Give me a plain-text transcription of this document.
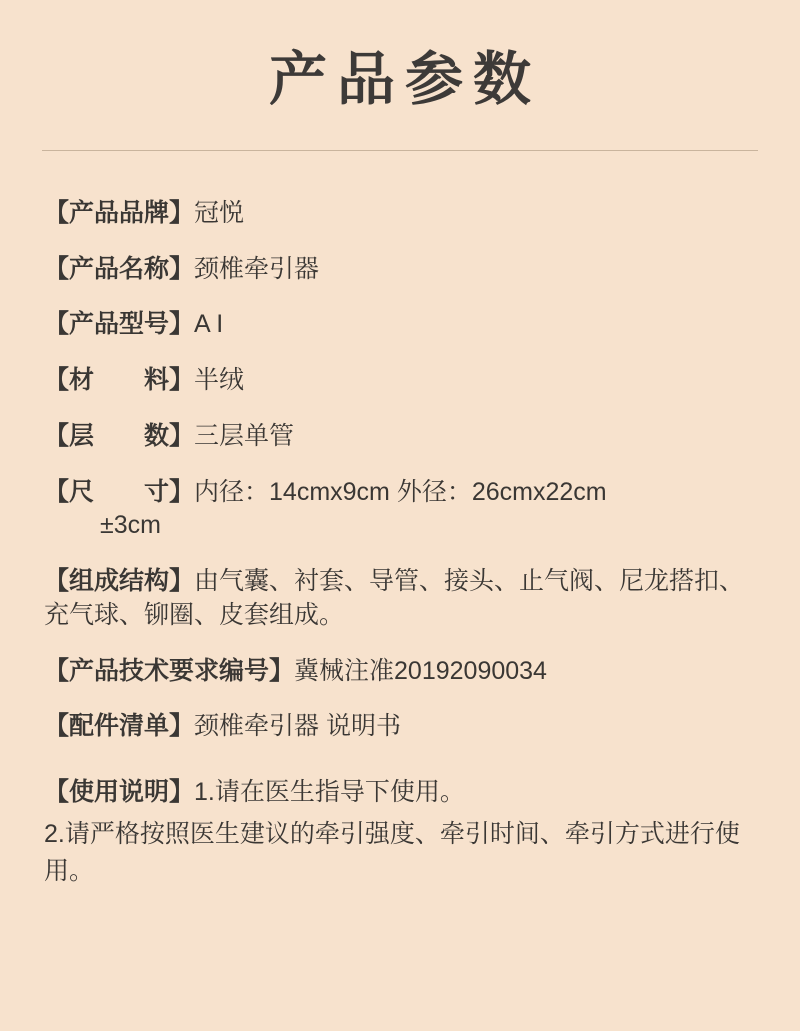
产品参数
【产品品牌】冠悦
【产品名称】颈椎牵引器
【产品型号】A I
【材　　料】半绒
【层　　数】三层单管
【尺　　寸】内径：14cmx9cm 外径：26cmx22cm
±3cm
【组成结构】由气囊、衬套、导管、接头、止气阀、尼龙搭扣、充气球、铆圈、皮套组成。
【产品技术要求编号】冀械注准20192090034
【配件清单】颈椎牵引器 说明书
【使用说明】1.请在医生指导下使用。
2.请严格按照医生建议的牵引强度、牵引时间、牵引方式进行使用。
